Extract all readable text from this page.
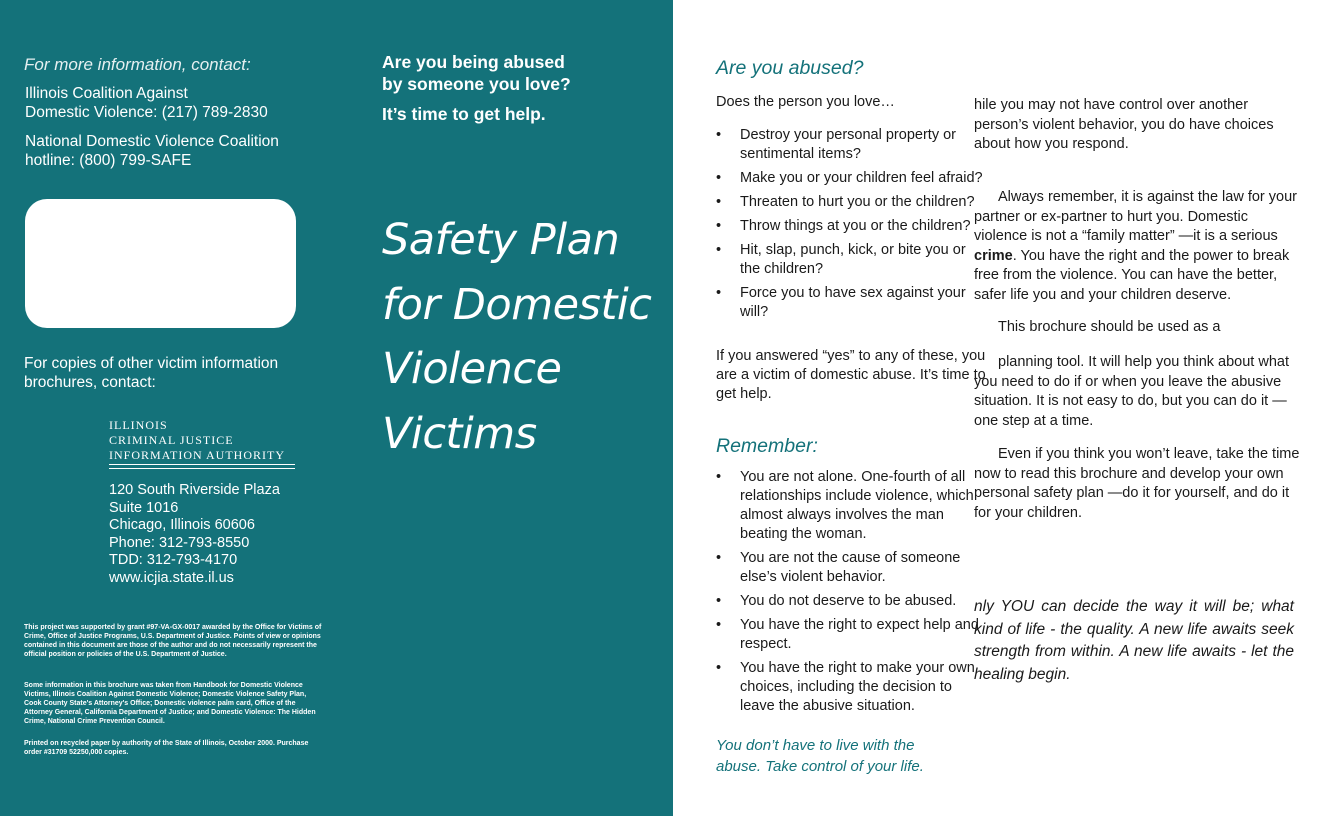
For more information, contact:
Illinois Coalition Against
Domestic Violence: (217) 789-2830
National Domestic Violence Coalition
hotline: (800) 799-SAFE
For copies of other victim information
brochures, contact:
ILLINOIS
CRIMINAL JUSTICE
INFORMATION AUTHORITY
120 South Riverside Plaza
Suite 1016
Chicago, Illinois 60606
Phone: 312-793-8550
TDD: 312-793-4170
www.icjia.state.il.us
This project was supported by grant #97-VA-GX-0017 awarded by the Office for Victims of Crime, Office of Justice Programs, U.S. Department of Justice. Points of view or opinions contained in this document are those of the author and do not necessarily represent the official position or policies of the U.S. Department of Justice.
Some information in this brochure was taken from Handbook for Domestic Violence Victims, Illinois Coalition Against Domestic Violence; Domestic Violence Safety Plan, Cook County State's Attorney's Office; Domestic violence palm card, Office of the Attorney General, California Department of Justice; and Domestic Violence: The Hidden Crime, National Crime Prevention Council.
Printed on recycled paper by authority of the State of Illinois, October 2000. Purchase order #31709 52250,000 copies.
Are you being abused
by someone you love?
It’s time to get help.
Safety Plan
for Domestic
Violence
Victims
Are you abused?
Does the person you love…
• Destroy your personal property or sentimental items?
• Make you or your children feel afraid?
• Threaten to hurt you or the children?
• Throw things at you or the children?
• Hit, slap, punch, kick, or bite you or the children?
• Force you to have sex against your will?
If you answered “yes” to any of these, you are a victim of domestic abuse. It’s time to get help.
Remember:
• You are not alone. One-fourth of all relationships include violence, which almost always involves the man beating the woman.
• You are not the cause of someone else’s violent behavior.
• You do not deserve to be abused.
• You have the right to expect help and respect.
• You have the right to make your own choices, including the decision to leave the abusive situation.
You don’t have to live with the
abuse. Take control of your life.
hile you may not have control over another person’s violent behavior, you do have choices about how you respond.
Always remember, it is against the law for your partner or ex-partner to hurt you. Domestic violence is not a “family matter” —it is a serious crime. You have the right and the power to break free from the violence. You can have the better, safer life you and your children deserve.
This brochure should be used as a
planning tool. It will help you think about what you need to do if or when you leave the abusive situation. It is not easy to do, but you can do it —one step at a time.
Even if you think you won’t leave, take the time now to read this brochure and develop your own personal safety plan —do it for yourself, and do it for your children.
nly YOU can decide the way it will be; what kind of life - the quality. A new life awaits seek strength from within. A new life awaits - let the healing begin.
